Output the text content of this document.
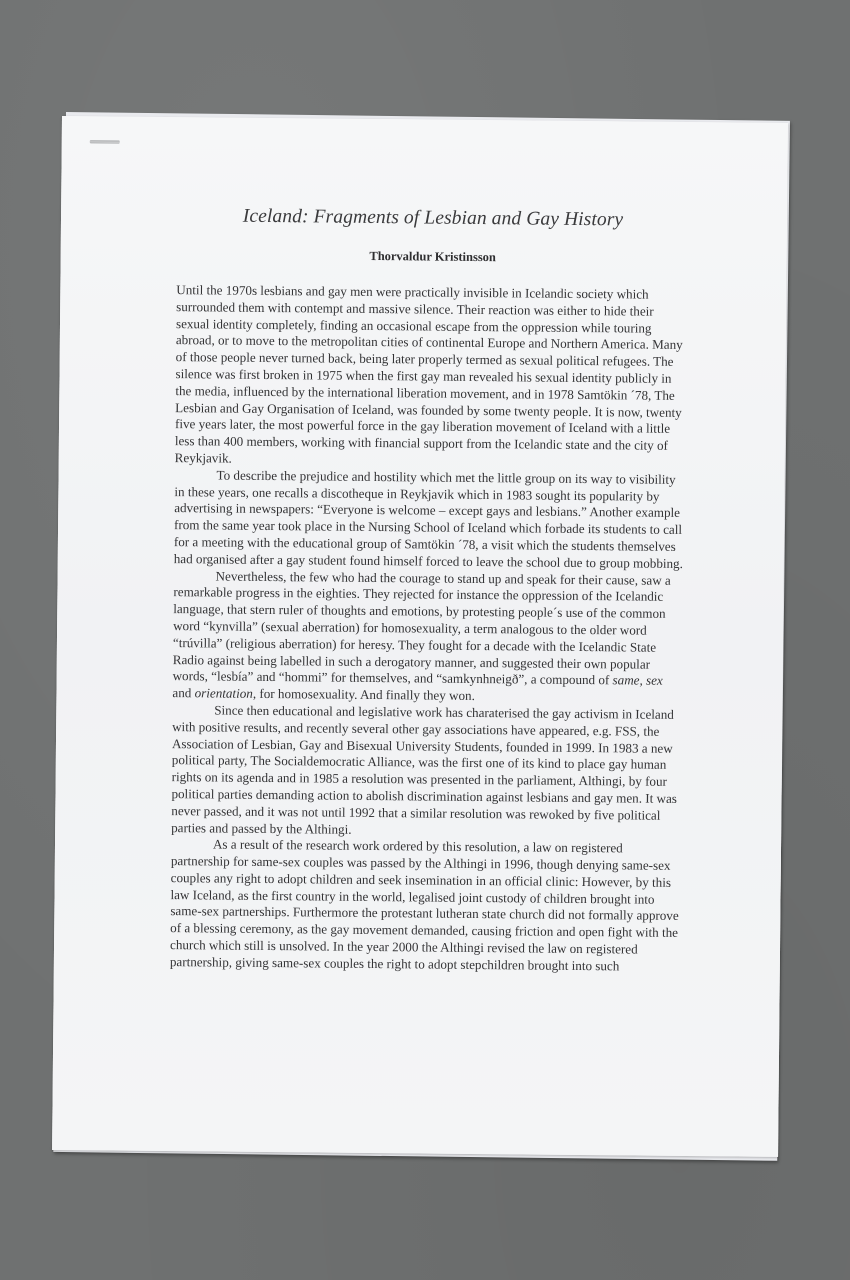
Iceland: Fragments of Lesbian and Gay History
Thorvaldur Kristinsson

Until the 1970s lesbians and gay men were practically invisible in Icelandic society which surrounded them with contempt and massive silence. Their reaction was either to hide their sexual identity completely, finding an occasional escape from the oppression while touring abroad, or to move to the metropolitan cities of continental Europe and Northern America. Many of those people never turned back, being later properly termed as sexual political refugees. The silence was first broken in 1975 when the first gay man revealed his sexual identity publicly in the media, influenced by the international liberation movement, and in 1978 Samtökin ´78, The Lesbian and Gay Organisation of Iceland, was founded by some twenty people. It is now, twenty five years later, the most powerful force in the gay liberation movement of Iceland with a little less than 400 members, working with financial support from the Icelandic state and the city of Reykjavik.

To describe the prejudice and hostility which met the little group on its way to visibility in these years, one recalls a discotheque in Reykjavik which in 1983 sought its popularity by advertising in newspapers: “Everyone is welcome – except gays and lesbians.” Another example from the same year took place in the Nursing School of Iceland which forbade its students to call for a meeting with the educational group of Samtökin ´78, a visit which the students themselves had organised after a gay student found himself forced to leave the school due to group mobbing.

Nevertheless, the few who had the courage to stand up and speak for their cause, saw a remarkable progress in the eighties. They rejected for instance the oppression of the Icelandic language, that stern ruler of thoughts and emotions, by protesting people´s use of the common word “kynvilla” (sexual aberration) for homosexuality, a term analogous to the older word “trúvilla” (religious aberration) for heresy. They fought for a decade with the Icelandic State Radio against being labelled in such a derogatory manner, and suggested their own popular words, “lesbía” and “hommi” for themselves, and “samkynhneigð”, a compound of same, sex and orientation, for homosexuality. And finally they won.

Since then educational and legislative work has charaterised the gay activism in Iceland with positive results, and recently several other gay associations have appeared, e.g. FSS, the Association of Lesbian, Gay and Bisexual University Students, founded in 1999. In 1983 a new political party, The Socialdemocratic Alliance, was the first one of its kind to place gay human rights on its agenda and in 1985 a resolution was presented in the parliament, Althingi, by four political parties demanding action to abolish discrimination against lesbians and gay men. It was never passed, and it was not until 1992 that a similar resolution was rewoked by five political parties and passed by the Althingi.

As a result of the research work ordered by this resolution, a law on registered partnership for same-sex couples was passed by the Althingi in 1996, though denying same-sex couples any right to adopt children and seek insemination in an official clinic: However, by this law Iceland, as the first country in the world, legalised joint custody of children brought into same-sex partnerships. Furthermore the protestant lutheran state church did not formally approve of a blessing ceremony, as the gay movement demanded, causing friction and open fight with the church which still is unsolved. In the year 2000 the Althingi revised the law on registered partnership, giving same-sex couples the right to adopt stepchildren brought into such
